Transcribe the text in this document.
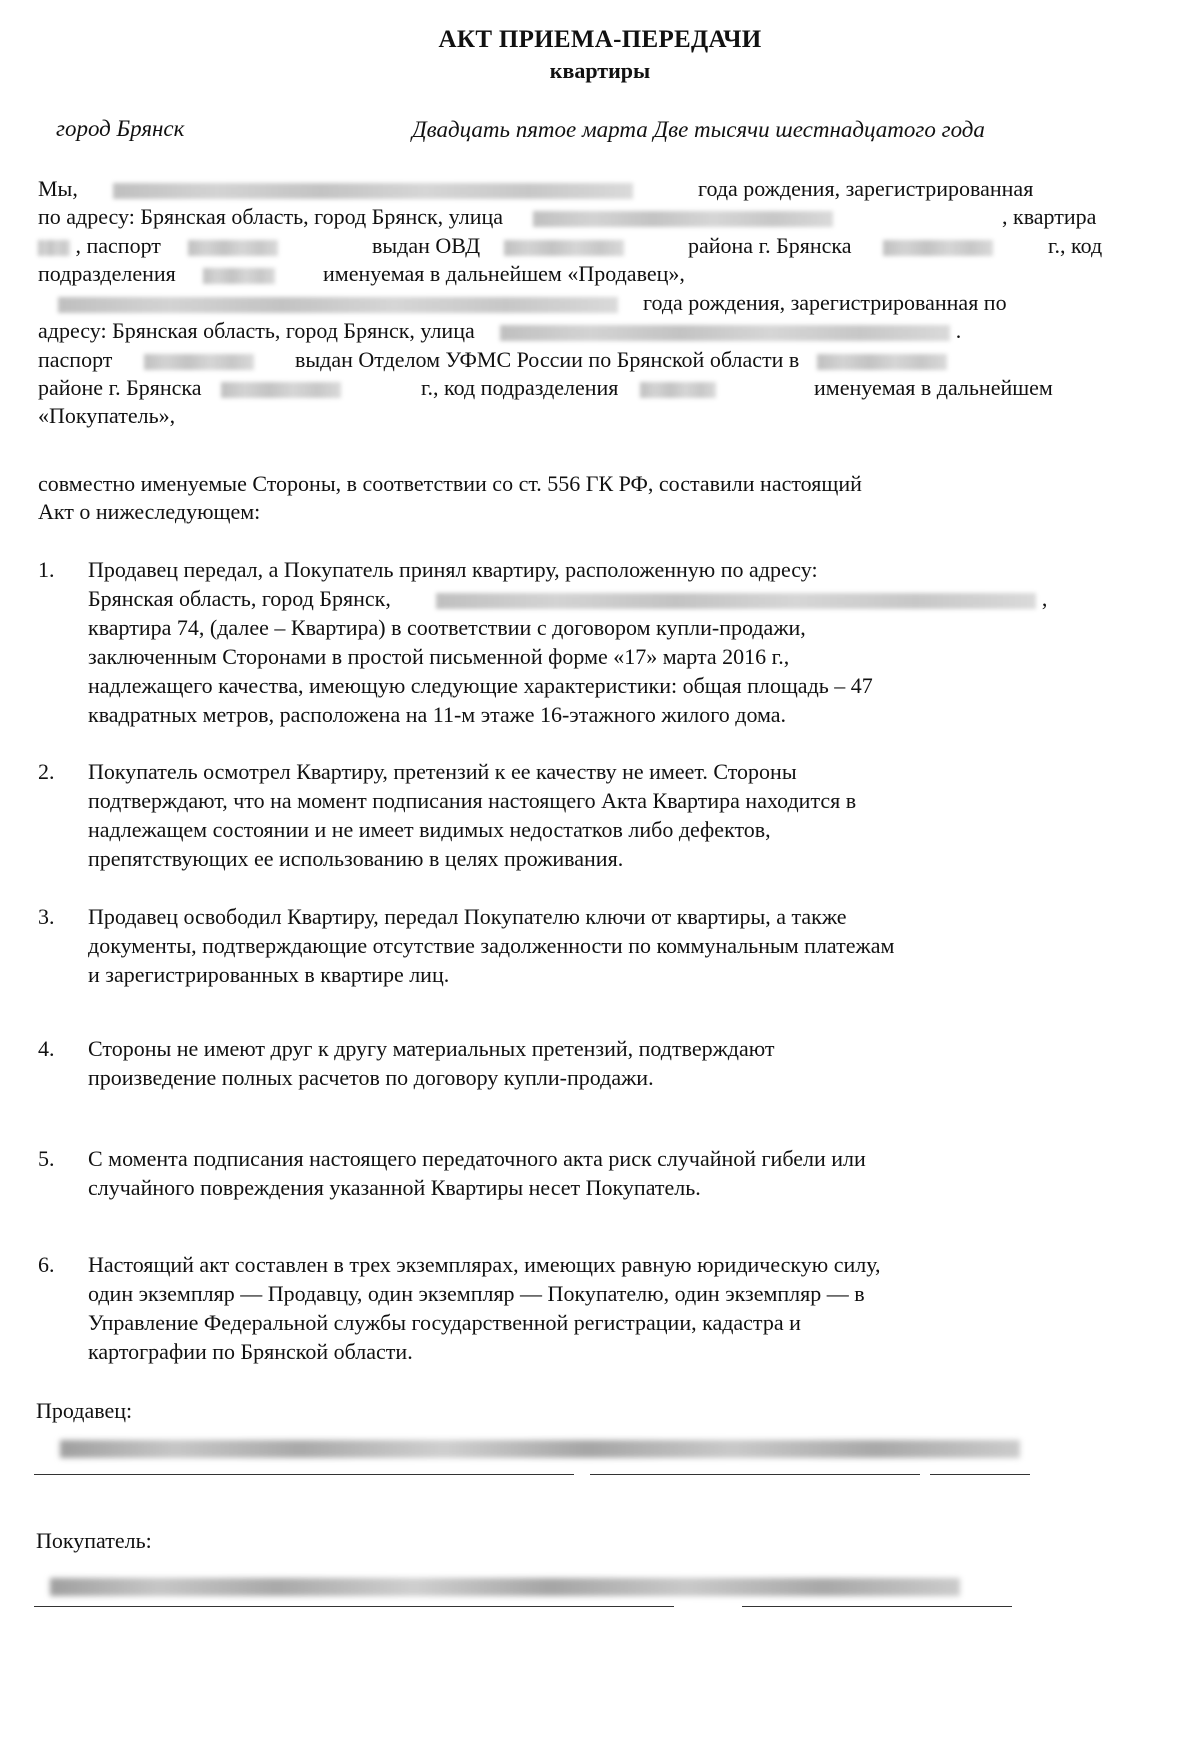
АКТ ПРИЕМА-ПЕРЕДАЧИ
квартиры
город Брянск	Двадцать пятое марта Две тысячи шестнадцатого года
Мы,	года рождения, зарегистрированная
по адресу: Брянская область, город Брянск, улица	, квартира
, паспорт	выдан ОВД	района г. Брянска	г., код
подразделения	именуемая в дальнейшем «Продавец»,
года рождения, зарегистрированная по
адресу: Брянская область, город Брянск, улица	.
паспорт	выдан Отделом УФМС России по Брянской области в
районе г. Брянска	г., код подразделения	именуемая в дальнейшем
«Покупатель»,
совместно именуемые Стороны, в соответствии со ст. 556 ГК РФ, составили настоящий
Акт о нижеследующем:
1. Продавец передал, а Покупатель принял квартиру, расположенную по адресу:
Брянская область, город Брянск,	,
квартира 74, (далее – Квартира) в соответствии с договором купли-продажи,
заключенным Сторонами в простой письменной форме «17» марта 2016 г.,
надлежащего качества, имеющую следующие характеристики: общая площадь – 47
квадратных метров, расположена на 11-м этаже 16-этажного жилого дома.
2. Покупатель осмотрел Квартиру, претензий к ее качеству не имеет. Стороны
подтверждают, что на момент подписания настоящего Акта Квартира находится в
надлежащем состоянии и не имеет видимых недостатков либо дефектов,
препятствующих ее использованию в целях проживания.
3. Продавец освободил Квартиру, передал Покупателю ключи от квартиры, а также
документы, подтверждающие отсутствие задолженности по коммунальным платежам
и зарегистрированных в квартире лиц.
4. Стороны не имеют друг к другу материальных претензий, подтверждают
произведение полных расчетов по договору купли-продажи.
5. С момента подписания настоящего передаточного акта риск случайной гибели или
случайного повреждения указанной Квартиры несет Покупатель.
6. Настоящий акт составлен в трех экземплярах, имеющих равную юридическую силу,
один экземпляр — Продавцу, один экземпляр — Покупателю, один экземпляр — в
Управление Федеральной службы государственной регистрации, кадастра и
картографии по Брянской области.
Продавец:
Покупатель:
